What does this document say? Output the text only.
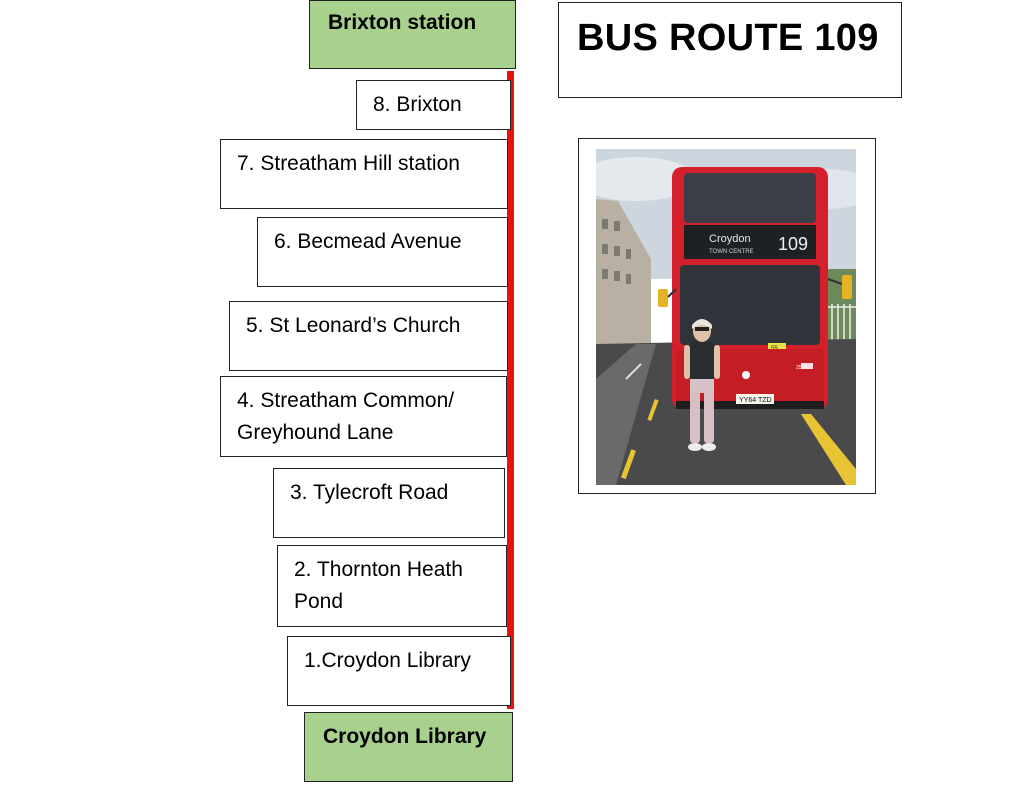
Brixton station
Croydon Library
8. Brixton
7. Streatham Hill station
6. Becmead Avenue
5. St Leonard’s Church
4. Streatham Common/
Greyhound Lane
3. Tylecroft Road
2. Thornton Heath
Pond
1.Croydon Library
BUS ROUTE 109
Croydon
TOWN CENTRE 109
YY64 TZD
2564
